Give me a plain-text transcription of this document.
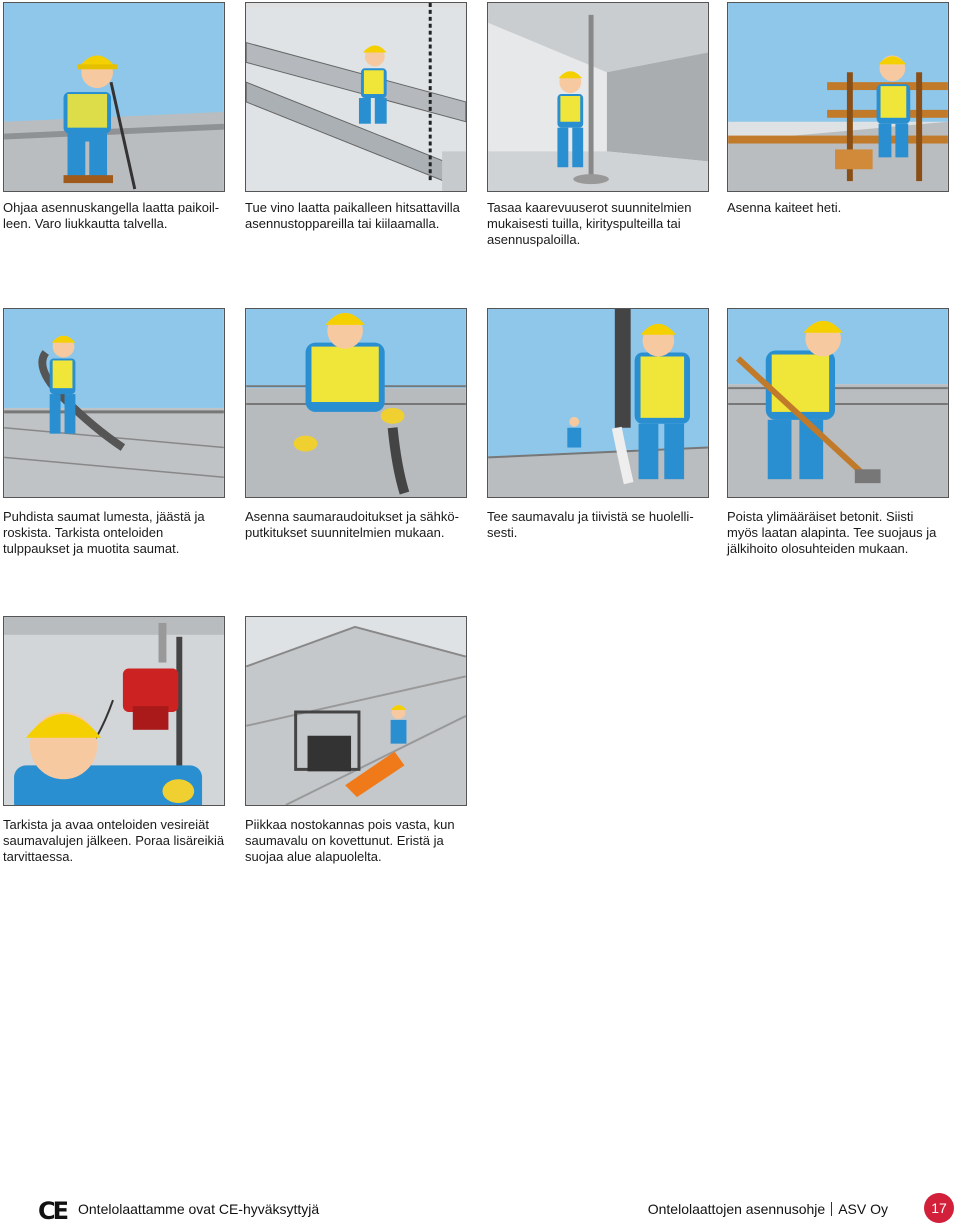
Ohjaa asennuskangella laatta paikoil-
leen. Varo liukkautta talvella.

Tue vino laatta paikalleen hitsattavilla
asennustoppareilla tai kiilaamalla.

Tasaa kaarevuuserot suunnitelmien
mukaisesti tuilla, kirityspulteilla tai
asennuspaloilla.

Asenna kaiteet heti.

Puhdista saumat lumesta, jäästä ja
roskista. Tarkista onteloiden
tulppaukset ja muotita saumat.

Asenna saumaraudoitukset ja sähkö-
putkitukset suunnitelmien mukaan.

Tee saumavalu ja tiivistä se huolelli-
sesti.

Poista ylimääräiset betonit. Siisti
myös laatan alapinta. Tee suojaus ja
jälkihoito olosuhteiden mukaan.

Tarkista ja avaa onteloiden vesireiät
saumavalujen jälkeen. Poraa lisäreikiä
tarvittaessa.

Piikkaa nostokannas pois vasta, kun
saumavalu on kovettunut. Eristä ja
suojaa alue alapuolelta.

CE Ontelolaattamme ovat CE-hyväksyttyjä	Ontelolaattojen asennusohje ASV Oy	17
